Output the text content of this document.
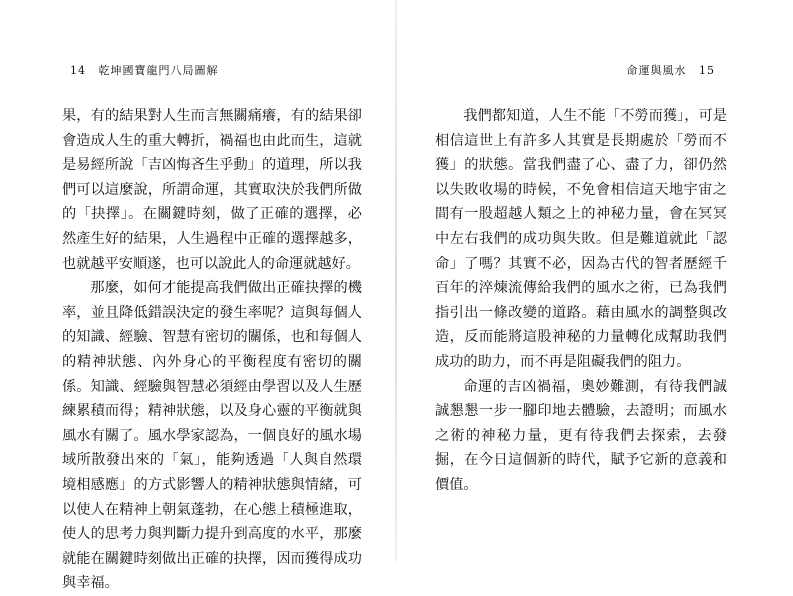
14 乾坤國寶龍門八局圖解

果，有的結果對人生而言無關痛癢，有的結果卻會造成人生的重大轉折，禍福也由此而生，這就是易經所說「吉凶悔吝生乎動」的道理，所以我們可以這麼說，所謂命運，其實取決於我們所做的「抉擇」。在關鍵時刻，做了正確的選擇，必然產生好的結果，人生過程中正確的選擇越多，也就越平安順遂，也可以說此人的命運就越好。

那麼，如何才能提高我們做出正確抉擇的機率，並且降低錯誤決定的發生率呢？這與每個人的知識、經驗、智慧有密切的關係，也和每個人的精神狀態、內外身心的平衡程度有密切的關係。知識、經驗與智慧必須經由學習以及人生歷練累積而得；精神狀態，以及身心靈的平衡就與風水有關了。風水學家認為，一個良好的風水場域所散發出來的「氣」，能夠透過「人與自然環境相感應」的方式影響人的精神狀態與情緒，可以使人在精神上朝氣蓬勃，在心態上積極進取，使人的思考力與判斷力提升到高度的水平，那麼就能在關鍵時刻做出正確的抉擇，因而獲得成功與幸福。

命運與風水 15

我們都知道，人生不能「不勞而獲」，可是相信這世上有許多人其實是長期處於「勞而不獲」的狀態。當我們盡了心、盡了力，卻仍然以失敗收場的時候，不免會相信這天地宇宙之間有一股超越人類之上的神秘力量，會在冥冥中左右我們的成功與失敗。但是難道就此「認命」了嗎？其實不必，因為古代的智者歷經千百年的淬煉流傳給我們的風水之術，已為我們指引出一條改變的道路。藉由風水的調整與改造，反而能將這股神秘的力量轉化成幫助我們成功的助力，而不再是阻礙我們的阻力。

命運的吉凶禍福，奧妙難測，有待我們誠誠懇懇一步一腳印地去體驗，去證明；而風水之術的神秘力量，更有待我們去探索，去發掘，在今日這個新的時代，賦予它新的意義和價值。
